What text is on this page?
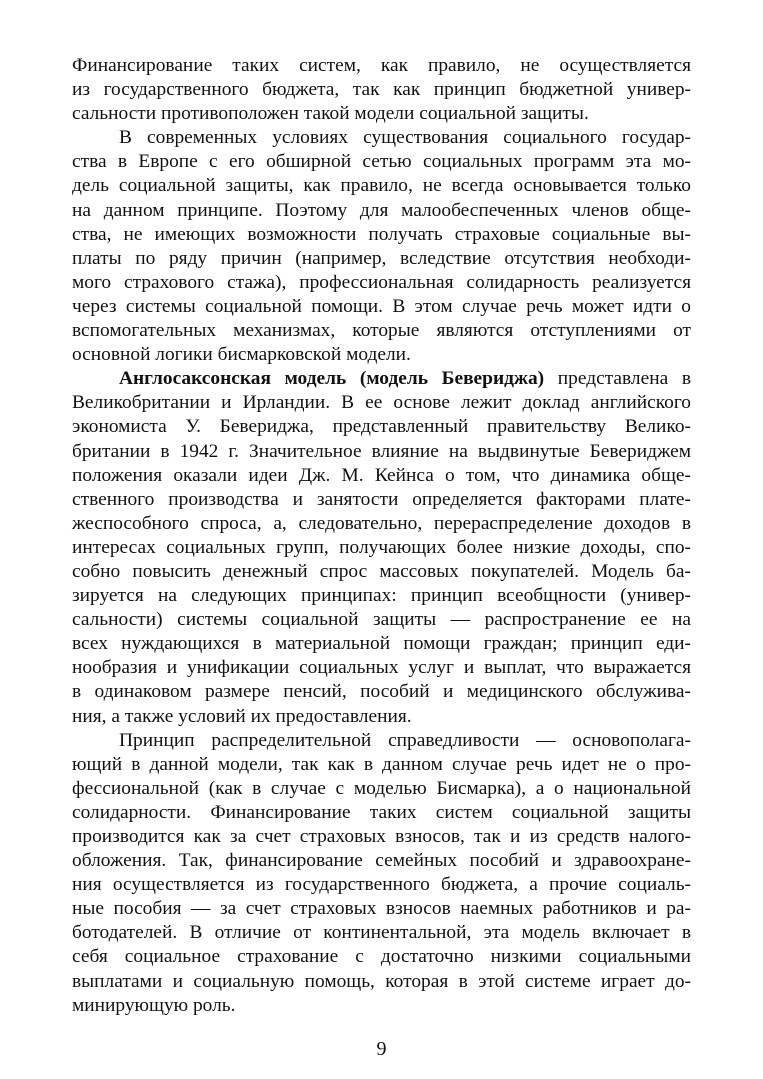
Финансирование таких систем, как правило, не осуществляется
из государственного бюджета, так как принцип бюджетной универ-
сальности противоположен такой модели социальной защиты.
В современных условиях существования социального государ-
ства в Европе с его обширной сетью социальных программ эта мо-
дель социальной защиты, как правило, не всегда основывается только
на данном принципе. Поэтому для малообеспеченных членов обще-
ства, не имеющих возможности получать страховые социальные вы-
платы по ряду причин (например, вследствие отсутствия необходи-
мого страхового стажа), профессиональная солидарность реализуется
через системы социальной помощи. В этом случае речь может идти о
вспомогательных механизмах, которые являются отступлениями от
основной логики бисмарковской модели.
Англосаксонская модель (модель Бевериджа) представлена в
Великобритании и Ирландии. В ее основе лежит доклад английского
экономиста У. Бевериджа, представленный правительству Велико-
британии в 1942 г. Значительное влияние на выдвинутые Бевериджем
положения оказали идеи Дж. М. Кейнса о том, что динамика обще-
ственного производства и занятости определяется факторами плате-
жеспособного спроса, а, следовательно, перераспределение доходов в
интересах социальных групп, получающих более низкие доходы, спо-
собно повысить денежный спрос массовых покупателей. Модель ба-
зируется на следующих принципах: принцип всеобщности (универ-
сальности) системы социальной защиты — распространение ее на
всех нуждающихся в материальной помощи граждан; принцип еди-
нообразия и унификации социальных услуг и выплат, что выражается
в одинаковом размере пенсий, пособий и медицинского обслужива-
ния, а также условий их предоставления.
Принцип распределительной справедливости — основополага-
ющий в данной модели, так как в данном случае речь идет не о про-
фессиональной (как в случае с моделью Бисмарка), а о национальной
солидарности. Финансирование таких систем социальной защиты
производится как за счет страховых взносов, так и из средств налого-
обложения. Так, финансирование семейных пособий и здравоохране-
ния осуществляется из государственного бюджета, а прочие социаль-
ные пособия — за счет страховых взносов наемных работников и ра-
ботодателей. В отличие от континентальной, эта модель включает в
себя социальное страхование с достаточно низкими социальными
выплатами и социальную помощь, которая в этой системе играет до-
минирующую роль.
9
